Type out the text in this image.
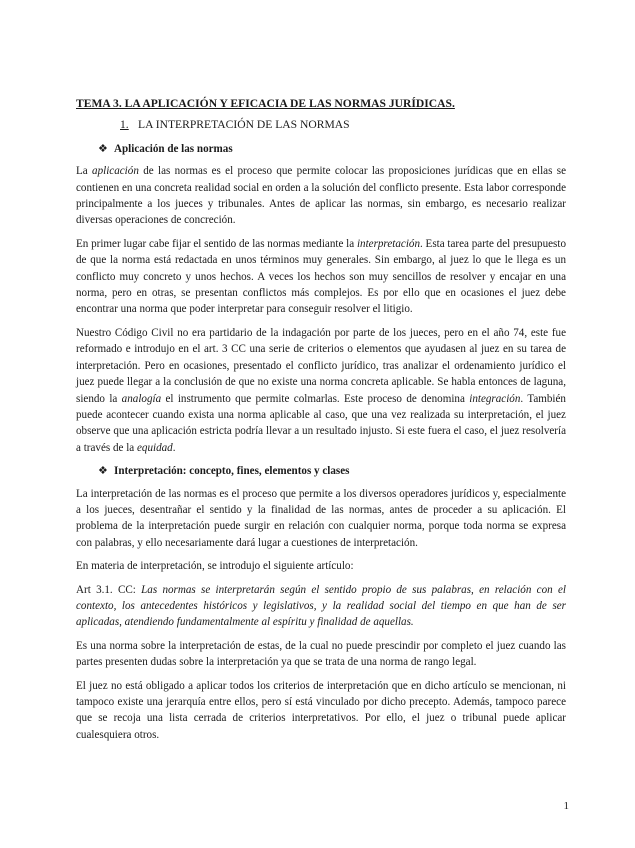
TEMA 3. LA APLICACIÓN Y EFICACIA DE LAS NORMAS JURÍDICAS.

1. LA INTERPRETACIÓN DE LAS NORMAS

❖ Aplicación de las normas

La aplicación de las normas es el proceso que permite colocar las proposiciones jurídicas que en ellas se contienen en una concreta realidad social en orden a la solución del conflicto presente. Esta labor corresponde principalmente a los jueces y tribunales. Antes de aplicar las normas, sin embargo, es necesario realizar diversas operaciones de concreción.

En primer lugar cabe fijar el sentido de las normas mediante la interpretación. Esta tarea parte del presupuesto de que la norma está redactada en unos términos muy generales. Sin embargo, al juez lo que le llega es un conflicto muy concreto y unos hechos. A veces los hechos son muy sencillos de resolver y encajar en una norma, pero en otras, se presentan conflictos más complejos. Es por ello que en ocasiones el juez debe encontrar una norma que poder interpretar para conseguir resolver el litigio.

Nuestro Código Civil no era partidario de la indagación por parte de los jueces, pero en el año 74, este fue reformado e introdujo en el art. 3 CC una serie de criterios o elementos que ayudasen al juez en su tarea de interpretación. Pero en ocasiones, presentado el conflicto jurídico, tras analizar el ordenamiento jurídico el juez puede llegar a la conclusión de que no existe una norma concreta aplicable. Se habla entonces de laguna, siendo la analogía el instrumento que permite colmarlas. Este proceso de denomina integración. También puede acontecer cuando exista una norma aplicable al caso, que una vez realizada su interpretación, el juez observe que una aplicación estricta podría llevar a un resultado injusto. Si este fuera el caso, el juez resolvería a través de la equidad.

❖ Interpretación: concepto, fines, elementos y clases

La interpretación de las normas es el proceso que permite a los diversos operadores jurídicos y, especialmente a los jueces, desentrañar el sentido y la finalidad de las normas, antes de proceder a su aplicación. El problema de la interpretación puede surgir en relación con cualquier norma, porque toda norma se expresa con palabras, y ello necesariamente dará lugar a cuestiones de interpretación.

En materia de interpretación, se introdujo el siguiente artículo:

Art 3.1. CC: Las normas se interpretarán según el sentido propio de sus palabras, en relación con el contexto, los antecedentes históricos y legislativos, y la realidad social del tiempo en que han de ser aplicadas, atendiendo fundamentalmente al espíritu y finalidad de aquellas.

Es una norma sobre la interpretación de estas, de la cual no puede prescindir por completo el juez cuando las partes presenten dudas sobre la interpretación ya que se trata de una norma de rango legal.

El juez no está obligado a aplicar todos los criterios de interpretación que en dicho artículo se mencionan, ni tampoco existe una jerarquía entre ellos, pero sí está vinculado por dicho precepto. Además, tampoco parece que se recoja una lista cerrada de criterios interpretativos. Por ello, el juez o tribunal puede aplicar cualesquiera otros.

1
